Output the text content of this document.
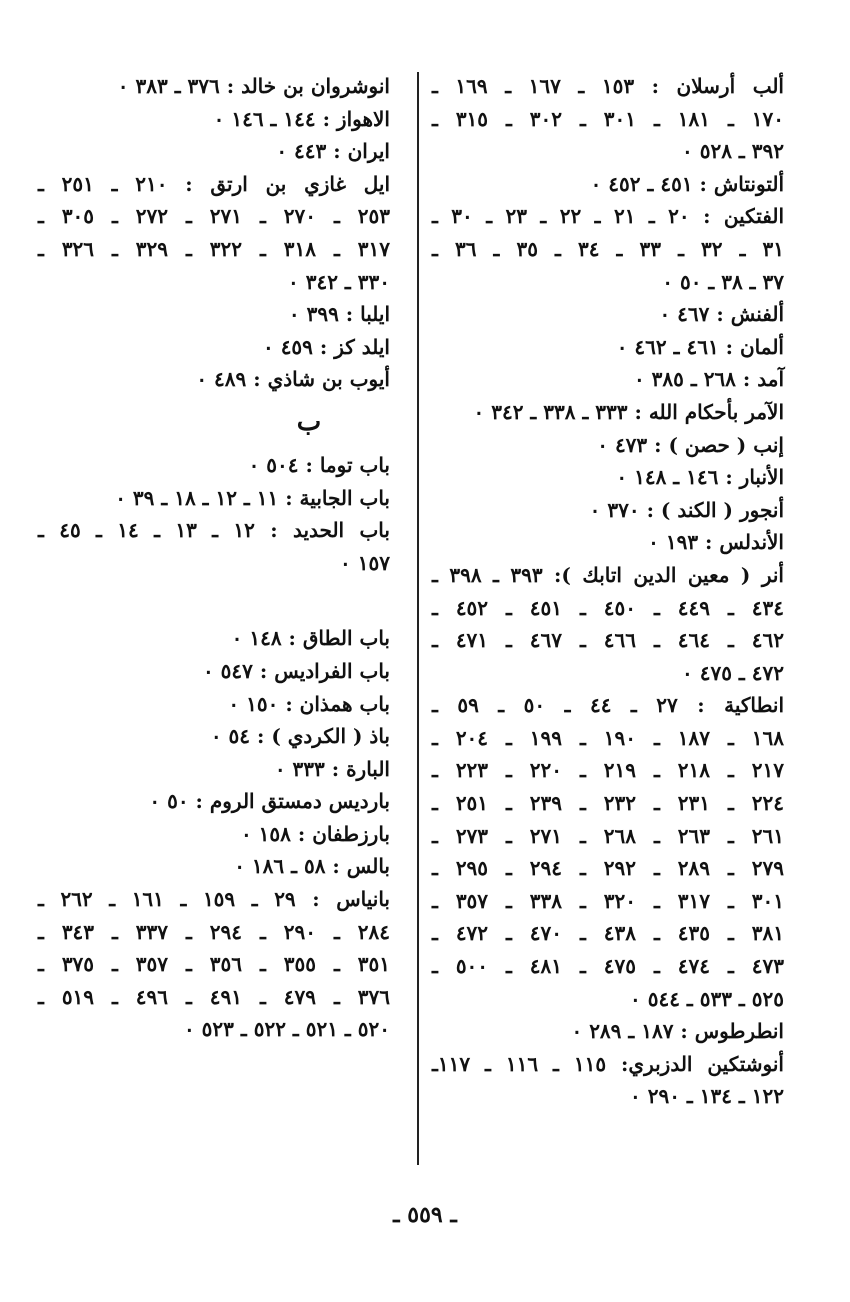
ألب أرسلان : ١٥٣ ـ ١٦٧ ـ ١٦٩ ـ
١٧٠ ـ ١٨١ ـ ٣٠١ ـ ٣٠٢ ـ ٣١٥ ـ
٣٩٢ ـ ٥٢٨ ٠
ألتونتاش : ٤٥١ ـ ٤٥٢ ٠
الفتكين : ٢٠ ـ ٢١ ـ ٢٢ ـ ٢٣ ـ ٣٠ ـ
٣١ ـ ٣٢ ـ ٣٣ ـ ٣٤ ـ ٣٥ ـ ٣٦ ـ
٣٧ ـ ٣٨ ـ ٥٠ ٠
ألفنش : ٤٦٧ ٠
ألمان : ٤٦١ ـ ٤٦٢ ٠
آمد : ٢٦٨ ـ ٣٨٥ ٠
الآمر بأحكام الله : ٣٣٣ ـ ٣٣٨ ـ ٣٤٢ ٠
إنب ( حصن ) : ٤٧٣ ٠
الأنبار : ١٤٦ ـ ١٤٨ ٠
أنجور ( الكند ) : ٣٧٠ ٠
الأندلس : ١٩٣ ٠
أنر ( معين الدين اتابك ): ٣٩٣ ـ ٣٩٨ ـ
٤٣٤ ـ ٤٤٩ ـ ٤٥٠ ـ ٤٥١ ـ ٤٥٢ ـ
٤٦٢ ـ ٤٦٤ ـ ٤٦٦ ـ ٤٦٧ ـ ٤٧١ ـ
٤٧٢ ـ ٤٧٥ ٠
انطاكية : ٢٧ ـ ٤٤ ـ ٥٠ ـ ٥٩ ـ
١٦٨ ـ ١٨٧ ـ ١٩٠ ـ ١٩٩ ـ ٢٠٤ ـ
٢١٧ ـ ٢١٨ ـ ٢١٩ ـ ٢٢٠ ـ ٢٢٣ ـ
٢٢٤ ـ ٢٣١ ـ ٢٣٢ ـ ٢٣٩ ـ ٢٥١ ـ
٢٦١ ـ ٢٦٣ ـ ٢٦٨ ـ ٢٧١ ـ ٢٧٣ ـ
٢٧٩ ـ ٢٨٩ ـ ٢٩٢ ـ ٢٩٤ ـ ٢٩٥ ـ
٣٠١ ـ ٣١٧ ـ ٣٢٠ ـ ٣٣٨ ـ ٣٥٧ ـ
٣٨١ ـ ٤٣٥ ـ ٤٣٨ ـ ٤٧٠ ـ ٤٧٢ ـ
٤٧٣ ـ ٤٧٤ ـ ٤٧٥ ـ ٤٨١ ـ ٥٠٠ ـ
٥٢٥ ـ ٥٣٣ ـ ٥٤٤ ٠
انطرطوس : ١٨٧ ـ ٢٨٩ ٠
أنوشتكين الدزبري: ١١٥ ـ ١١٦ ـ ١١٧ـ
١٢٢ ـ ١٣٤ ـ ٢٩٠ ٠
انوشروان بن خالد : ٣٧٦ ـ ٣٨٣ ٠
الاهواز : ١٤٤ ـ ١٤٦ ٠
ايران : ٤٤٣ ٠
ايل غازي بن ارتق : ٢١٠ ـ ٢٥١ ـ
٢٥٣ ـ ٢٧٠ ـ ٢٧١ ـ ٢٧٢ ـ ٣٠٥ ـ
٣١٧ ـ ٣١٨ ـ ٣٢٢ ـ ٣٢٩ ـ ٣٢٦ ـ
٣٣٠ ـ ٣٤٢ ٠
ايلبا : ٣٩٩ ٠
ايلد كز : ٤٥٩ ٠
أيوب بن شاذي : ٤٨٩ ٠
ب
باب توما : ٥٠٤ ٠
باب الجابية : ١١ ـ ١٢ ـ ١٨ ـ ٣٩ ٠
باب الحديد : ١٢ ـ ١٣ ـ ١٤ ـ ٤٥ ـ
١٥٧ ٠
باب الطاق : ١٤٨ ٠
باب الفراديس : ٥٤٧ ٠
باب همذان : ١٥٠ ٠
باذ ( الكردي ) : ٥٤ ٠
البارة : ٣٣٣ ٠
بارديس دمستق الروم : ٥٠ ٠
بارزطفان : ١٥٨ ٠
بالس : ٥٨ ـ ١٨٦ ٠
بانياس : ٢٩ ـ ١٥٩ ـ ١٦١ ـ ٢٦٢ ـ
٢٨٤ ـ ٢٩٠ ـ ٢٩٤ ـ ٣٣٧ ـ ٣٤٣ ـ
٣٥١ ـ ٣٥٥ ـ ٣٥٦ ـ ٣٥٧ ـ ٣٧٥ ـ
٣٧٦ ـ ٤٧٩ ـ ٤٩١ ـ ٤٩٦ ـ ٥١٩ ـ
٥٢٠ ـ ٥٢١ ـ ٥٢٢ ـ ٥٢٣ ٠
ـ ٥٥٩ ـ
